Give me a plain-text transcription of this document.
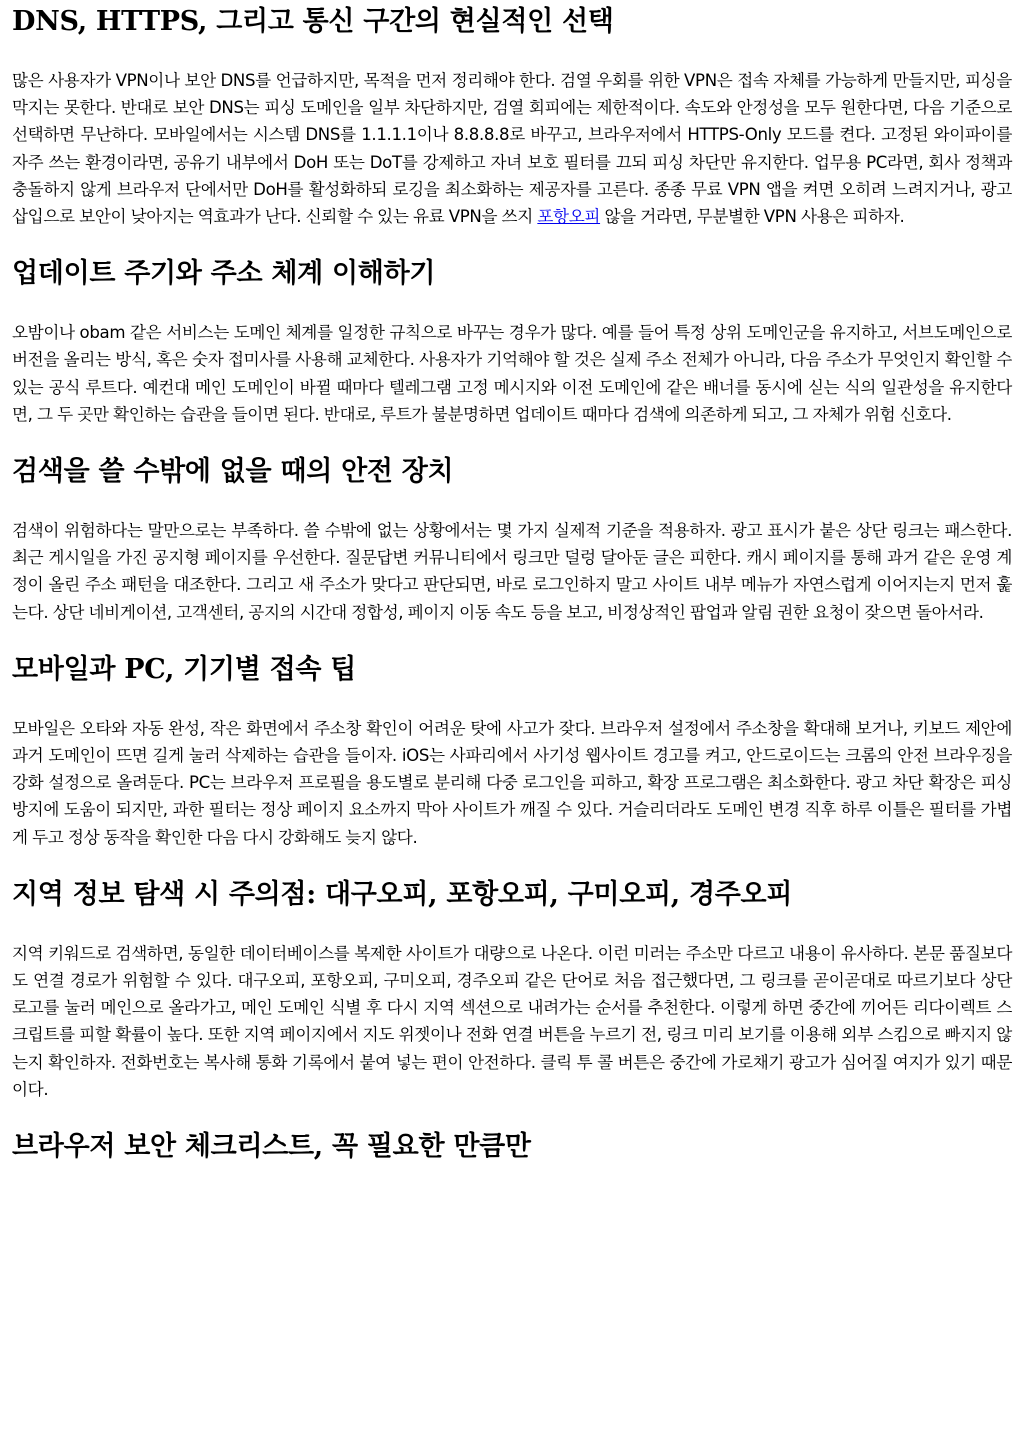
DNS, HTTPS, 그리고 통신 구간의 현실적인 선택

많은 사용자가 VPN이나 보안 DNS를 언급하지만, 목적을 먼저 정리해야 한다. 검열 우회를 위한 VPN은 접속 자체를 가능하게 만들지만, 피싱을 막지는 못한다. 반대로 보안 DNS는 피싱 도메인을 일부 차단하지만, 검열 회피에는 제한적이다. 속도와 안정성을 모두 원한다면, 다음 기준으로 선택하면 무난하다. 모바일에서는 시스템 DNS를 1.1.1.1이나 8.8.8.8로 바꾸고, 브라우저에서 HTTPS-Only 모드를 켠다. 고정된 와이파이를 자주 쓰는 환경이라면, 공유기 내부에서 DoH 또는 DoT를 강제하고 자녀 보호 필터를 끄되 피싱 차단만 유지한다. 업무용 PC라면, 회사 정책과 충돌하지 않게 브라우저 단에서만 DoH를 활성화하되 로깅을 최소화하는 제공자를 고른다. 종종 무료 VPN 앱을 켜면 오히려 느려지거나, 광고 삽입으로 보안이 낮아지는 역효과가 난다. 신뢰할 수 있는 유료 VPN을 쓰지 포항오피 않을 거라면, 무분별한 VPN 사용은 피하자.

업데이트 주기와 주소 체계 이해하기

오밤이나 obam 같은 서비스는 도메인 체계를 일정한 규칙으로 바꾸는 경우가 많다. 예를 들어 특정 상위 도메인군을 유지하고, 서브도메인으로 버전을 올리는 방식, 혹은 숫자 접미사를 사용해 교체한다. 사용자가 기억해야 할 것은 실제 주소 전체가 아니라, 다음 주소가 무엇인지 확인할 수 있는 공식 루트다. 예컨대 메인 도메인이 바뀔 때마다 텔레그램 고정 메시지와 이전 도메인에 같은 배너를 동시에 싣는 식의 일관성을 유지한다면, 그 두 곳만 확인하는 습관을 들이면 된다. 반대로, 루트가 불분명하면 업데이트 때마다 검색에 의존하게 되고, 그 자체가 위험 신호다.

검색을 쓸 수밖에 없을 때의 안전 장치

검색이 위험하다는 말만으로는 부족하다. 쓸 수밖에 없는 상황에서는 몇 가지 실제적 기준을 적용하자. 광고 표시가 붙은 상단 링크는 패스한다. 최근 게시일을 가진 공지형 페이지를 우선한다. 질문답변 커뮤니티에서 링크만 덜렁 달아둔 글은 피한다. 캐시 페이지를 통해 과거 같은 운영 계정이 올린 주소 패턴을 대조한다. 그리고 새 주소가 맞다고 판단되면, 바로 로그인하지 말고 사이트 내부 메뉴가 자연스럽게 이어지는지 먼저 훑는다. 상단 네비게이션, 고객센터, 공지의 시간대 정합성, 페이지 이동 속도 등을 보고, 비정상적인 팝업과 알림 권한 요청이 잦으면 돌아서라.

모바일과 PC, 기기별 접속 팁

모바일은 오타와 자동 완성, 작은 화면에서 주소창 확인이 어려운 탓에 사고가 잦다. 브라우저 설정에서 주소창을 확대해 보거나, 키보드 제안에 과거 도메인이 뜨면 길게 눌러 삭제하는 습관을 들이자. iOS는 사파리에서 사기성 웹사이트 경고를 켜고, 안드로이드는 크롬의 안전 브라우징을 강화 설정으로 올려둔다. PC는 브라우저 프로필을 용도별로 분리해 다중 로그인을 피하고, 확장 프로그램은 최소화한다. 광고 차단 확장은 피싱 방지에 도움이 되지만, 과한 필터는 정상 페이지 요소까지 막아 사이트가 깨질 수 있다. 거슬리더라도 도메인 변경 직후 하루 이틀은 필터를 가볍게 두고 정상 동작을 확인한 다음 다시 강화해도 늦지 않다.

지역 정보 탐색 시 주의점: 대구오피, 포항오피, 구미오피, 경주오피

지역 키워드로 검색하면, 동일한 데이터베이스를 복제한 사이트가 대량으로 나온다. 이런 미러는 주소만 다르고 내용이 유사하다. 본문 품질보다도 연결 경로가 위험할 수 있다. 대구오피, 포항오피, 구미오피, 경주오피 같은 단어로 처음 접근했다면, 그 링크를 곧이곧대로 따르기보다 상단 로고를 눌러 메인으로 올라가고, 메인 도메인 식별 후 다시 지역 섹션으로 내려가는 순서를 추천한다. 이렇게 하면 중간에 끼어든 리다이렉트 스크립트를 피할 확률이 높다. 또한 지역 페이지에서 지도 위젯이나 전화 연결 버튼을 누르기 전, 링크 미리 보기를 이용해 외부 스킴으로 빠지지 않는지 확인하자. 전화번호는 복사해 통화 기록에서 붙여 넣는 편이 안전하다. 클릭 투 콜 버튼은 중간에 가로채기 광고가 심어질 여지가 있기 때문이다.

브라우저 보안 체크리스트, 꼭 필요한 만큼만
